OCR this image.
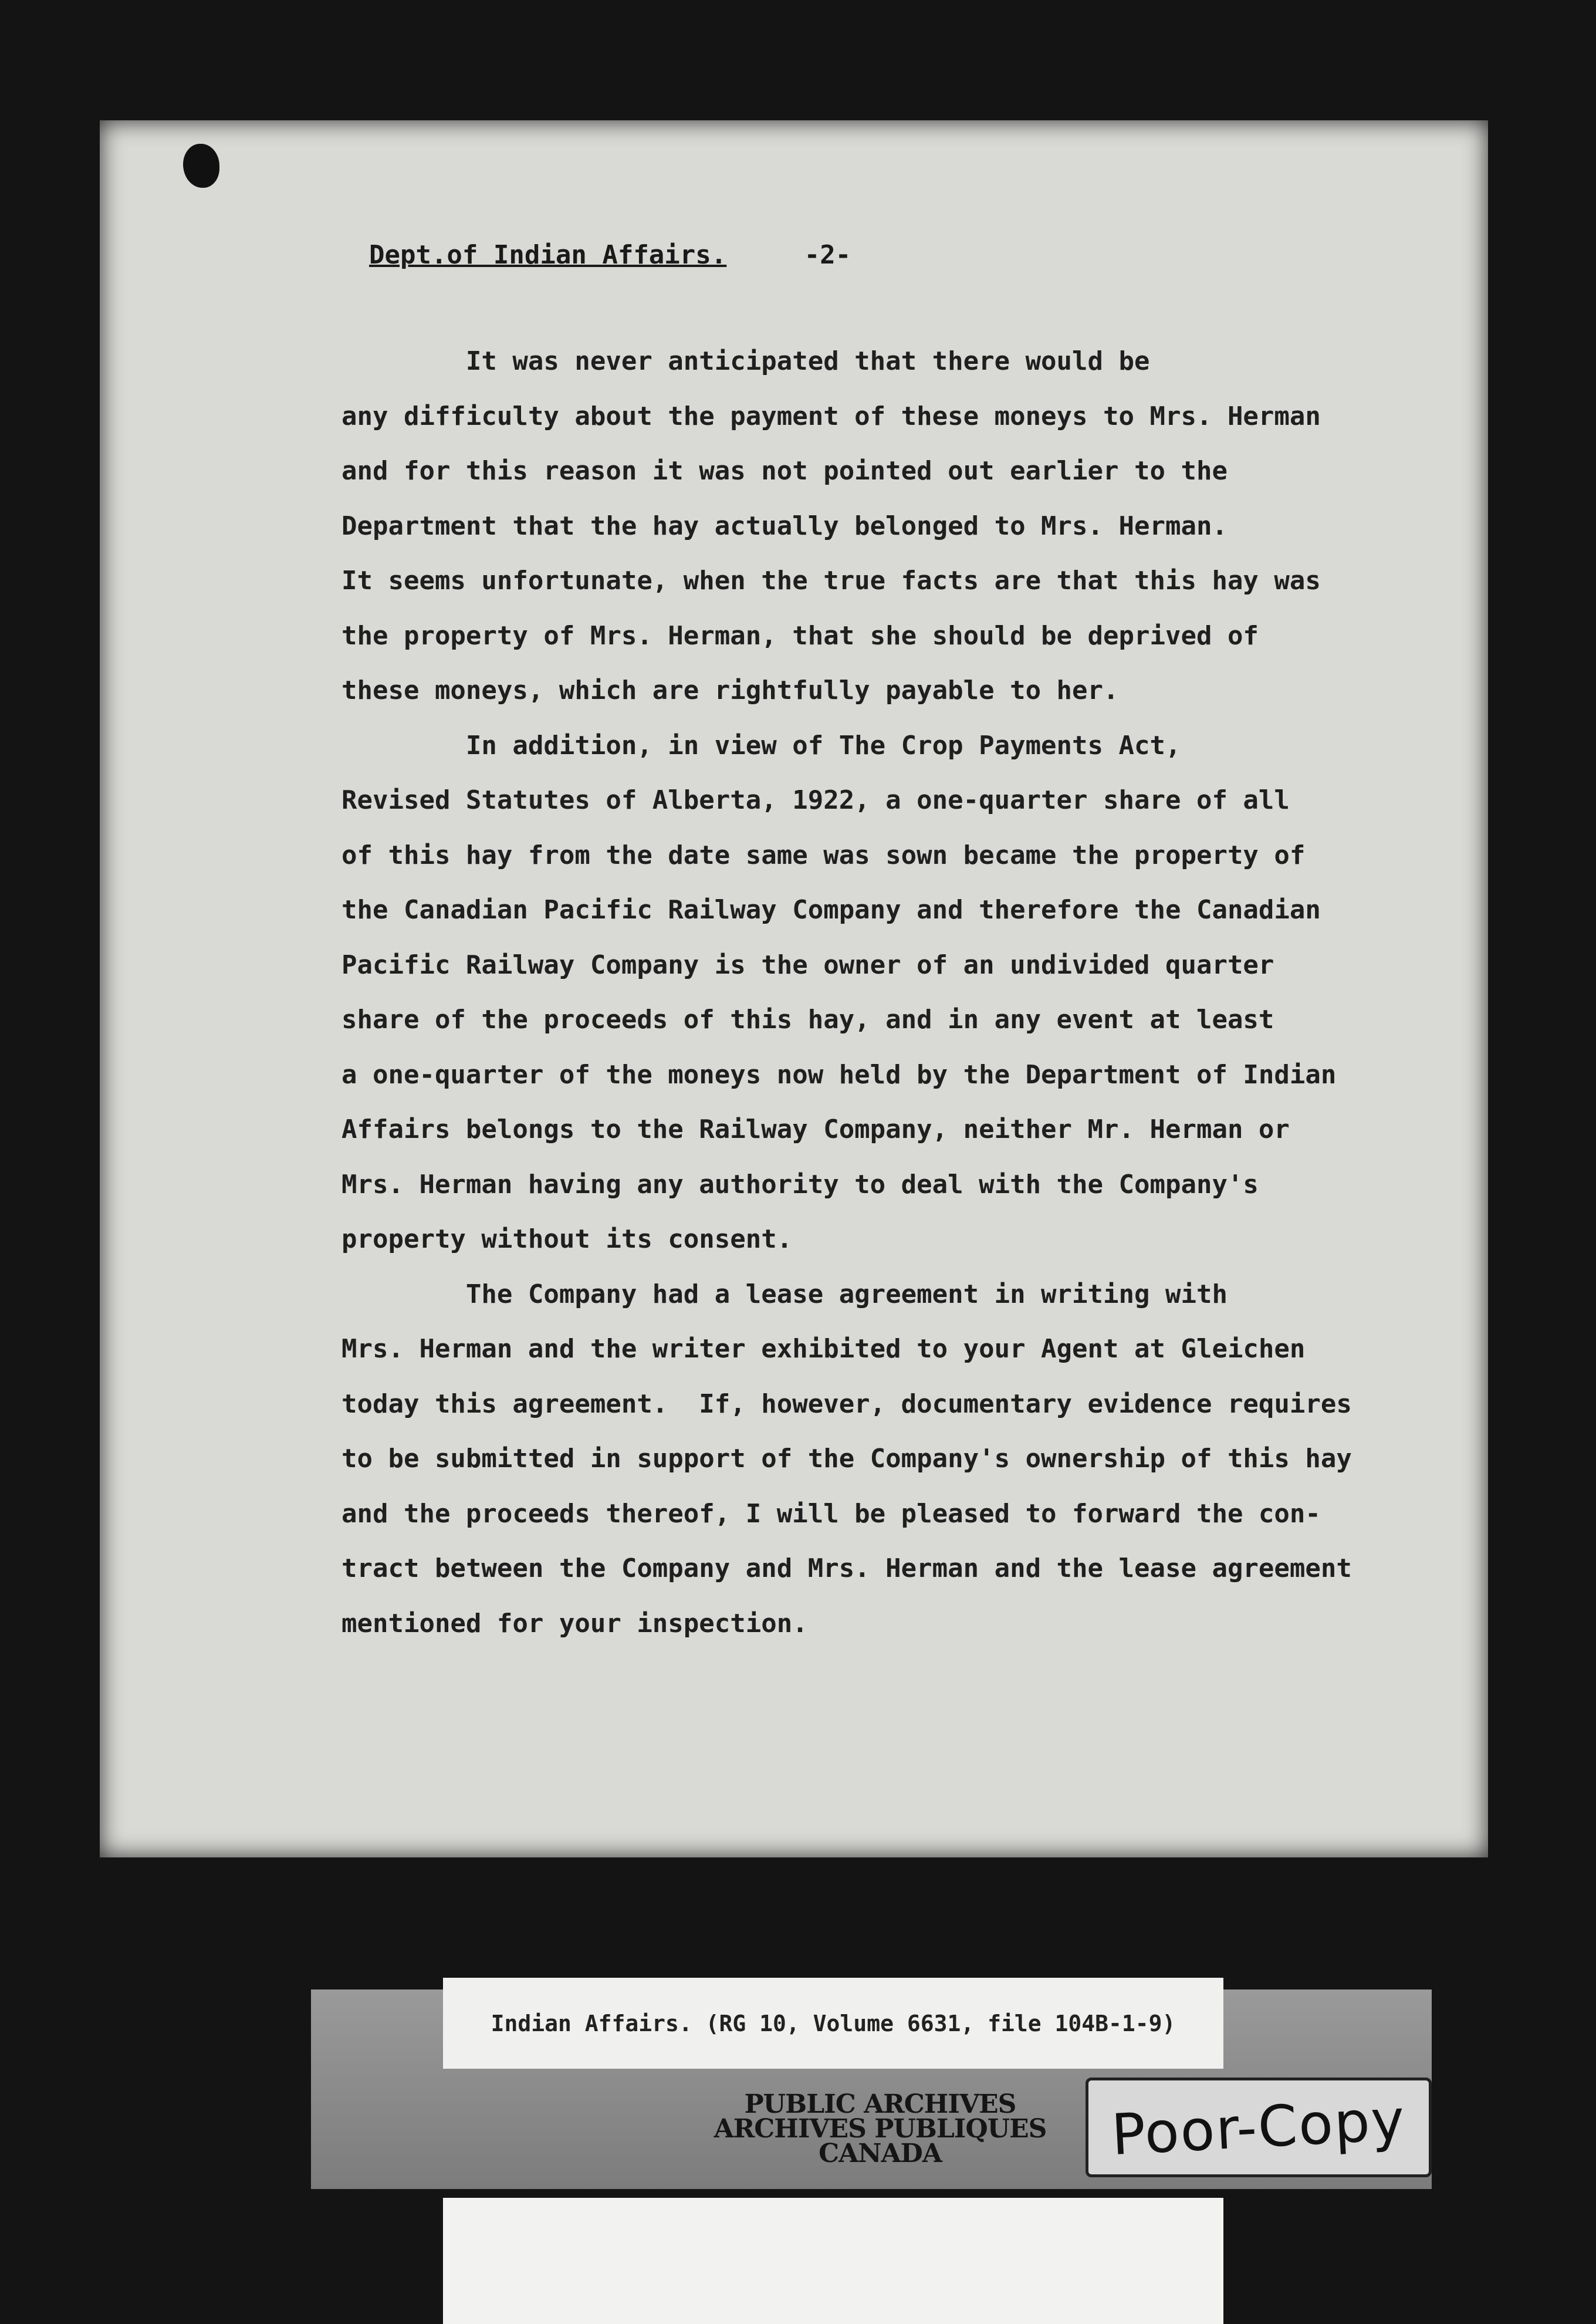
Dept.of Indian Affairs.	-2-

It was never anticipated that there would be
any difficulty about the payment of these moneys to Mrs. Herman
and for this reason it was not pointed out earlier to the
Department that the hay actually belonged to Mrs. Herman.
It seems unfortunate, when the true facts are that this hay was
the property of Mrs. Herman, that she should be deprived of
these moneys, which are rightfully payable to her.
In addition, in view of The Crop Payments Act,
Revised Statutes of Alberta, 1922, a one-quarter share of all
of this hay from the date same was sown became the property of
the Canadian Pacific Railway Company and therefore the Canadian
Pacific Railway Company is the owner of an undivided quarter
share of the proceeds of this hay, and in any event at least
a one-quarter of the moneys now held by the Department of Indian
Affairs belongs to the Railway Company, neither Mr. Herman or
Mrs. Herman having any authority to deal with the Company's
property without its consent.
The Company had a lease agreement in writing with
Mrs. Herman and the writer exhibited to your Agent at Gleichen
today this agreement.  If, however, documentary evidence requires
to be submitted in support of the Company's ownership of this hay
and the proceeds thereof, I will be pleased to forward the con-
tract between the Company and Mrs. Herman and the lease agreement
mentioned for your inspection.
Indian Affairs. (RG 10, Volume 6631, file 104B-1-9)
PUBLIC ARCHIVES
ARCHIVES PUBLIQUES
CANADA	Poor-Copy
